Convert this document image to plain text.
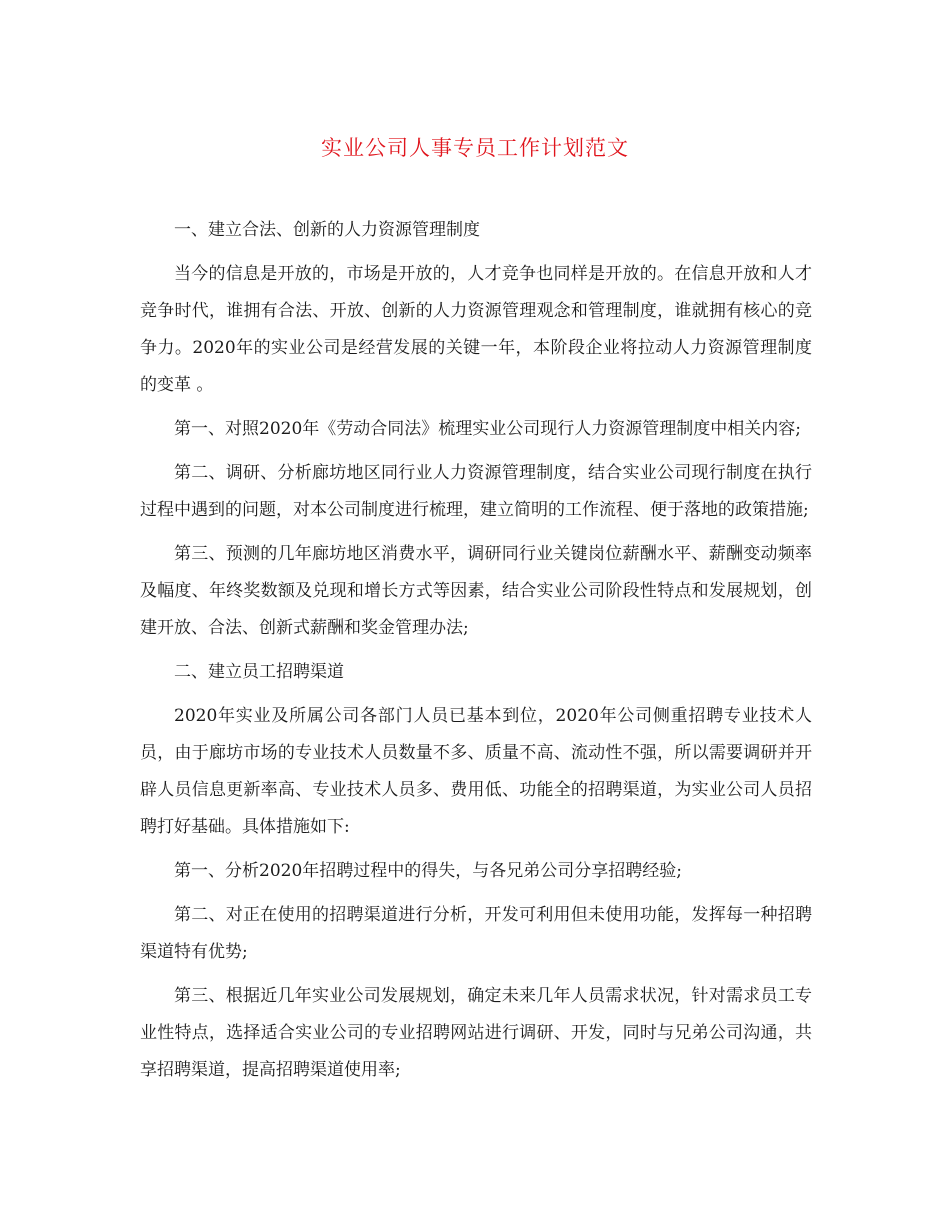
实业公司人事专员工作计划范文

一、建立合法、创新的人力资源管理制度

当今的信息是开放的，市场是开放的，人才竞争也同样是开放的。在信息开放和人才竞争时代，谁拥有合法、开放、创新的人力资源管理观念和管理制度，谁就拥有核心的竞争力。2020年的实业公司是经营发展的关键一年，本阶段企业将拉动人力资源管理制度的变革 。

第一、对照2020年《劳动合同法》梳理实业公司现行人力资源管理制度中相关内容;

第二、调研、分析廊坊地区同行业人力资源管理制度，结合实业公司现行制度在执行过程中遇到的问题，对本公司制度进行梳理，建立简明的工作流程、便于落地的政策措施;

第三、预测的几年廊坊地区消费水平，调研同行业关键岗位薪酬水平、薪酬变动频率及幅度、年终奖数额及兑现和增长方式等因素，结合实业公司阶段性特点和发展规划，创建开放、合法、创新式薪酬和奖金管理办法;

二、建立员工招聘渠道

2020年实业及所属公司各部门人员已基本到位，2020年公司侧重招聘专业技术人员，由于廊坊市场的专业技术人员数量不多、质量不高、流动性不强，所以需要调研并开辟人员信息更新率高、专业技术人员多、费用低、功能全的招聘渠道，为实业公司人员招聘打好基础。具体措施如下:

第一、分析2020年招聘过程中的得失，与各兄弟公司分享招聘经验;

第二、对正在使用的招聘渠道进行分析，开发可利用但未使用功能，发挥每一种招聘渠道特有优势;

第三、根据近几年实业公司发展规划，确定未来几年人员需求状况，针对需求员工专业性特点，选择适合实业公司的专业招聘网站进行调研、开发，同时与兄弟公司沟通，共享招聘渠道，提高招聘渠道使用率;
